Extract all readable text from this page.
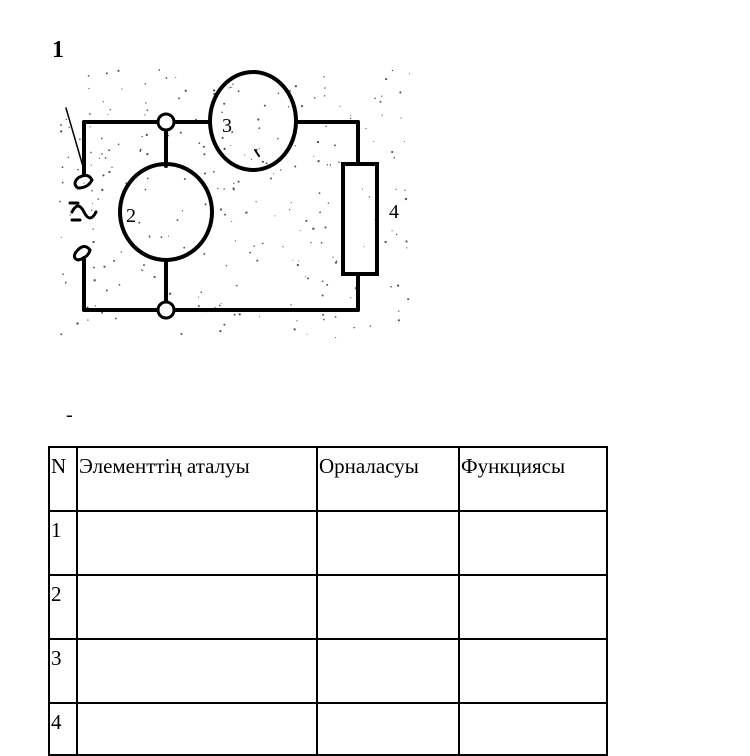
1
2
3
4
-
N	Элементтің аталуы	Орналасуы	Функциясы
1			
2			
3			
4			
